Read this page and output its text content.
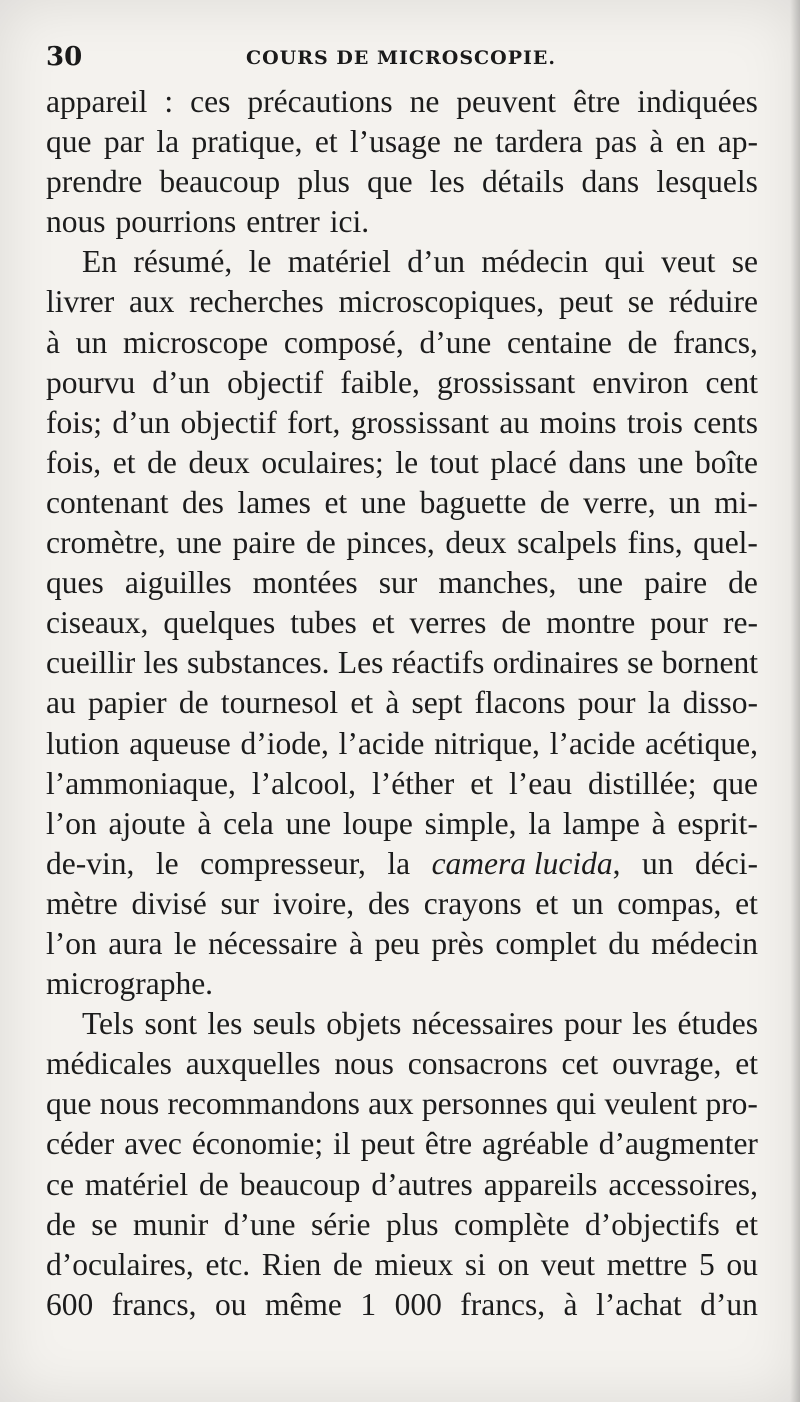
30	COURS DE MICROSCOPIE.
appareil : ces précautions ne peuvent être indiquées
que par la pratique, et l’usage ne tardera pas à en ap-
prendre beaucoup plus que les détails dans lesquels
nous pourrions entrer ici.
En résumé, le matériel d’un médecin qui veut se
livrer aux recherches microscopiques, peut se réduire
à un microscope composé, d’une centaine de francs,
pourvu d’un objectif faible, grossissant environ cent
fois; d’un objectif fort, grossissant au moins trois cents
fois, et de deux oculaires; le tout placé dans une boîte
contenant des lames et une baguette de verre, un mi-
cromètre, une paire de pinces, deux scalpels fins, quel-
ques aiguilles montées sur manches, une paire de
ciseaux, quelques tubes et verres de montre pour re-
cueillir les substances. Les réactifs ordinaires se bornent
au papier de tournesol et à sept flacons pour la disso-
lution aqueuse d’iode, l’acide nitrique, l’acide acétique,
l’ammoniaque, l’alcool, l’éther et l’eau distillée; que
l’on ajoute à cela une loupe simple, la lampe à esprit-
de-vin, le compresseur, la camera lucida, un déci-
mètre divisé sur ivoire, des crayons et un compas, et
l’on aura le nécessaire à peu près complet du médecin
micrographe.
Tels sont les seuls objets nécessaires pour les études
médicales auxquelles nous consacrons cet ouvrage, et
que nous recommandons aux personnes qui veulent pro-
céder avec économie; il peut être agréable d’augmenter
ce matériel de beaucoup d’autres appareils accessoires,
de se munir d’une série plus complète d’objectifs et
d’oculaires, etc. Rien de mieux si on veut mettre 5 ou
600 francs, ou même 1 000 francs, à l’achat d’un
